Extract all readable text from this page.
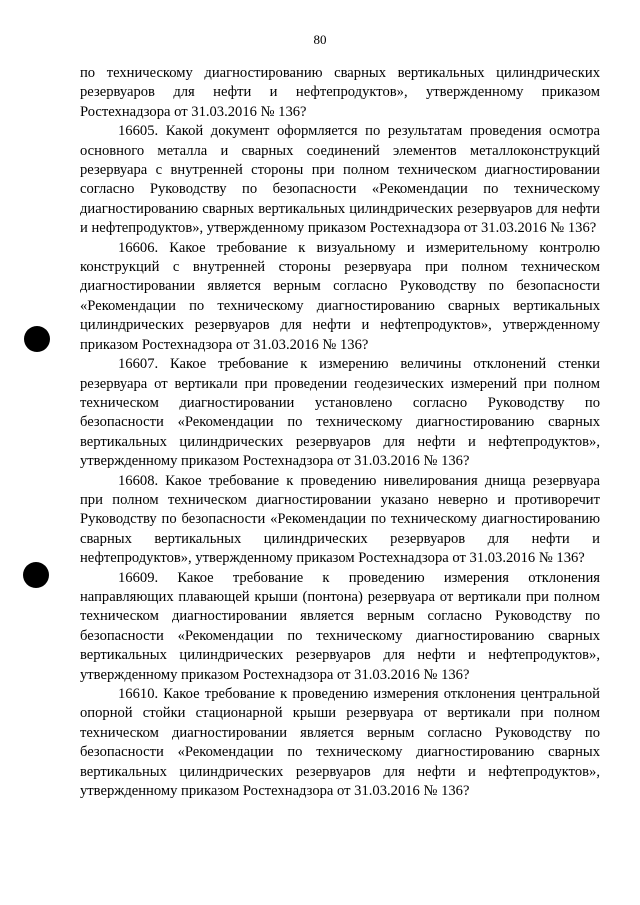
80

по техническому диагностированию сварных вертикальных цилиндрических резервуаров для нефти и нефтепродуктов», утвержденному приказом Ростехнадзора от 31.03.2016 № 136?

16605. Какой документ оформляется по результатам проведения осмотра основного металла и сварных соединений элементов металлоконструкций резервуара с внутренней стороны при полном техническом диагностировании согласно Руководству по безопасности «Рекомендации по техническому диагностированию сварных вертикальных цилиндрических резервуаров для нефти и нефтепродуктов», утвержденному приказом Ростехнадзора от 31.03.2016 № 136?

16606. Какое требование к визуальному и измерительному контролю конструкций с внутренней стороны резервуара при полном техническом диагностировании является верным согласно Руководству по безопасности «Рекомендации по техническому диагностированию сварных вертикальных цилиндрических резервуаров для нефти и нефтепродуктов», утвержденному приказом Ростехнадзора от 31.03.2016 № 136?

16607. Какое требование к измерению величины отклонений стенки резервуара от вертикали при проведении геодезических измерений при полном техническом диагностировании установлено согласно Руководству по безопасности «Рекомендации по техническому диагностированию сварных вертикальных цилиндрических резервуаров для нефти и нефтепродуктов», утвержденному приказом Ростехнадзора от 31.03.2016 № 136?

16608. Какое требование к проведению нивелирования днища резервуара при полном техническом диагностировании указано неверно и противоречит Руководству по безопасности «Рекомендации по техническому диагностированию сварных вертикальных цилиндрических резервуаров для нефти и нефтепродуктов», утвержденному приказом Ростехнадзора от 31.03.2016 № 136?

16609. Какое требование к проведению измерения отклонения направляющих плавающей крыши (понтона) резервуара от вертикали при полном техническом диагностировании является верным согласно Руководству по безопасности «Рекомендации по техническому диагностированию сварных вертикальных цилиндрических резервуаров для нефти и нефтепродуктов», утвержденному приказом Ростехнадзора от 31.03.2016 № 136?

16610. Какое требование к проведению измерения отклонения центральной опорной стойки стационарной крыши резервуара от вертикали при полном техническом диагностировании является верным согласно Руководству по безопасности «Рекомендации по техническому диагностированию сварных вертикальных цилиндрических резервуаров для нефти и нефтепродуктов», утвержденному приказом Ростехнадзора от 31.03.2016 № 136?
